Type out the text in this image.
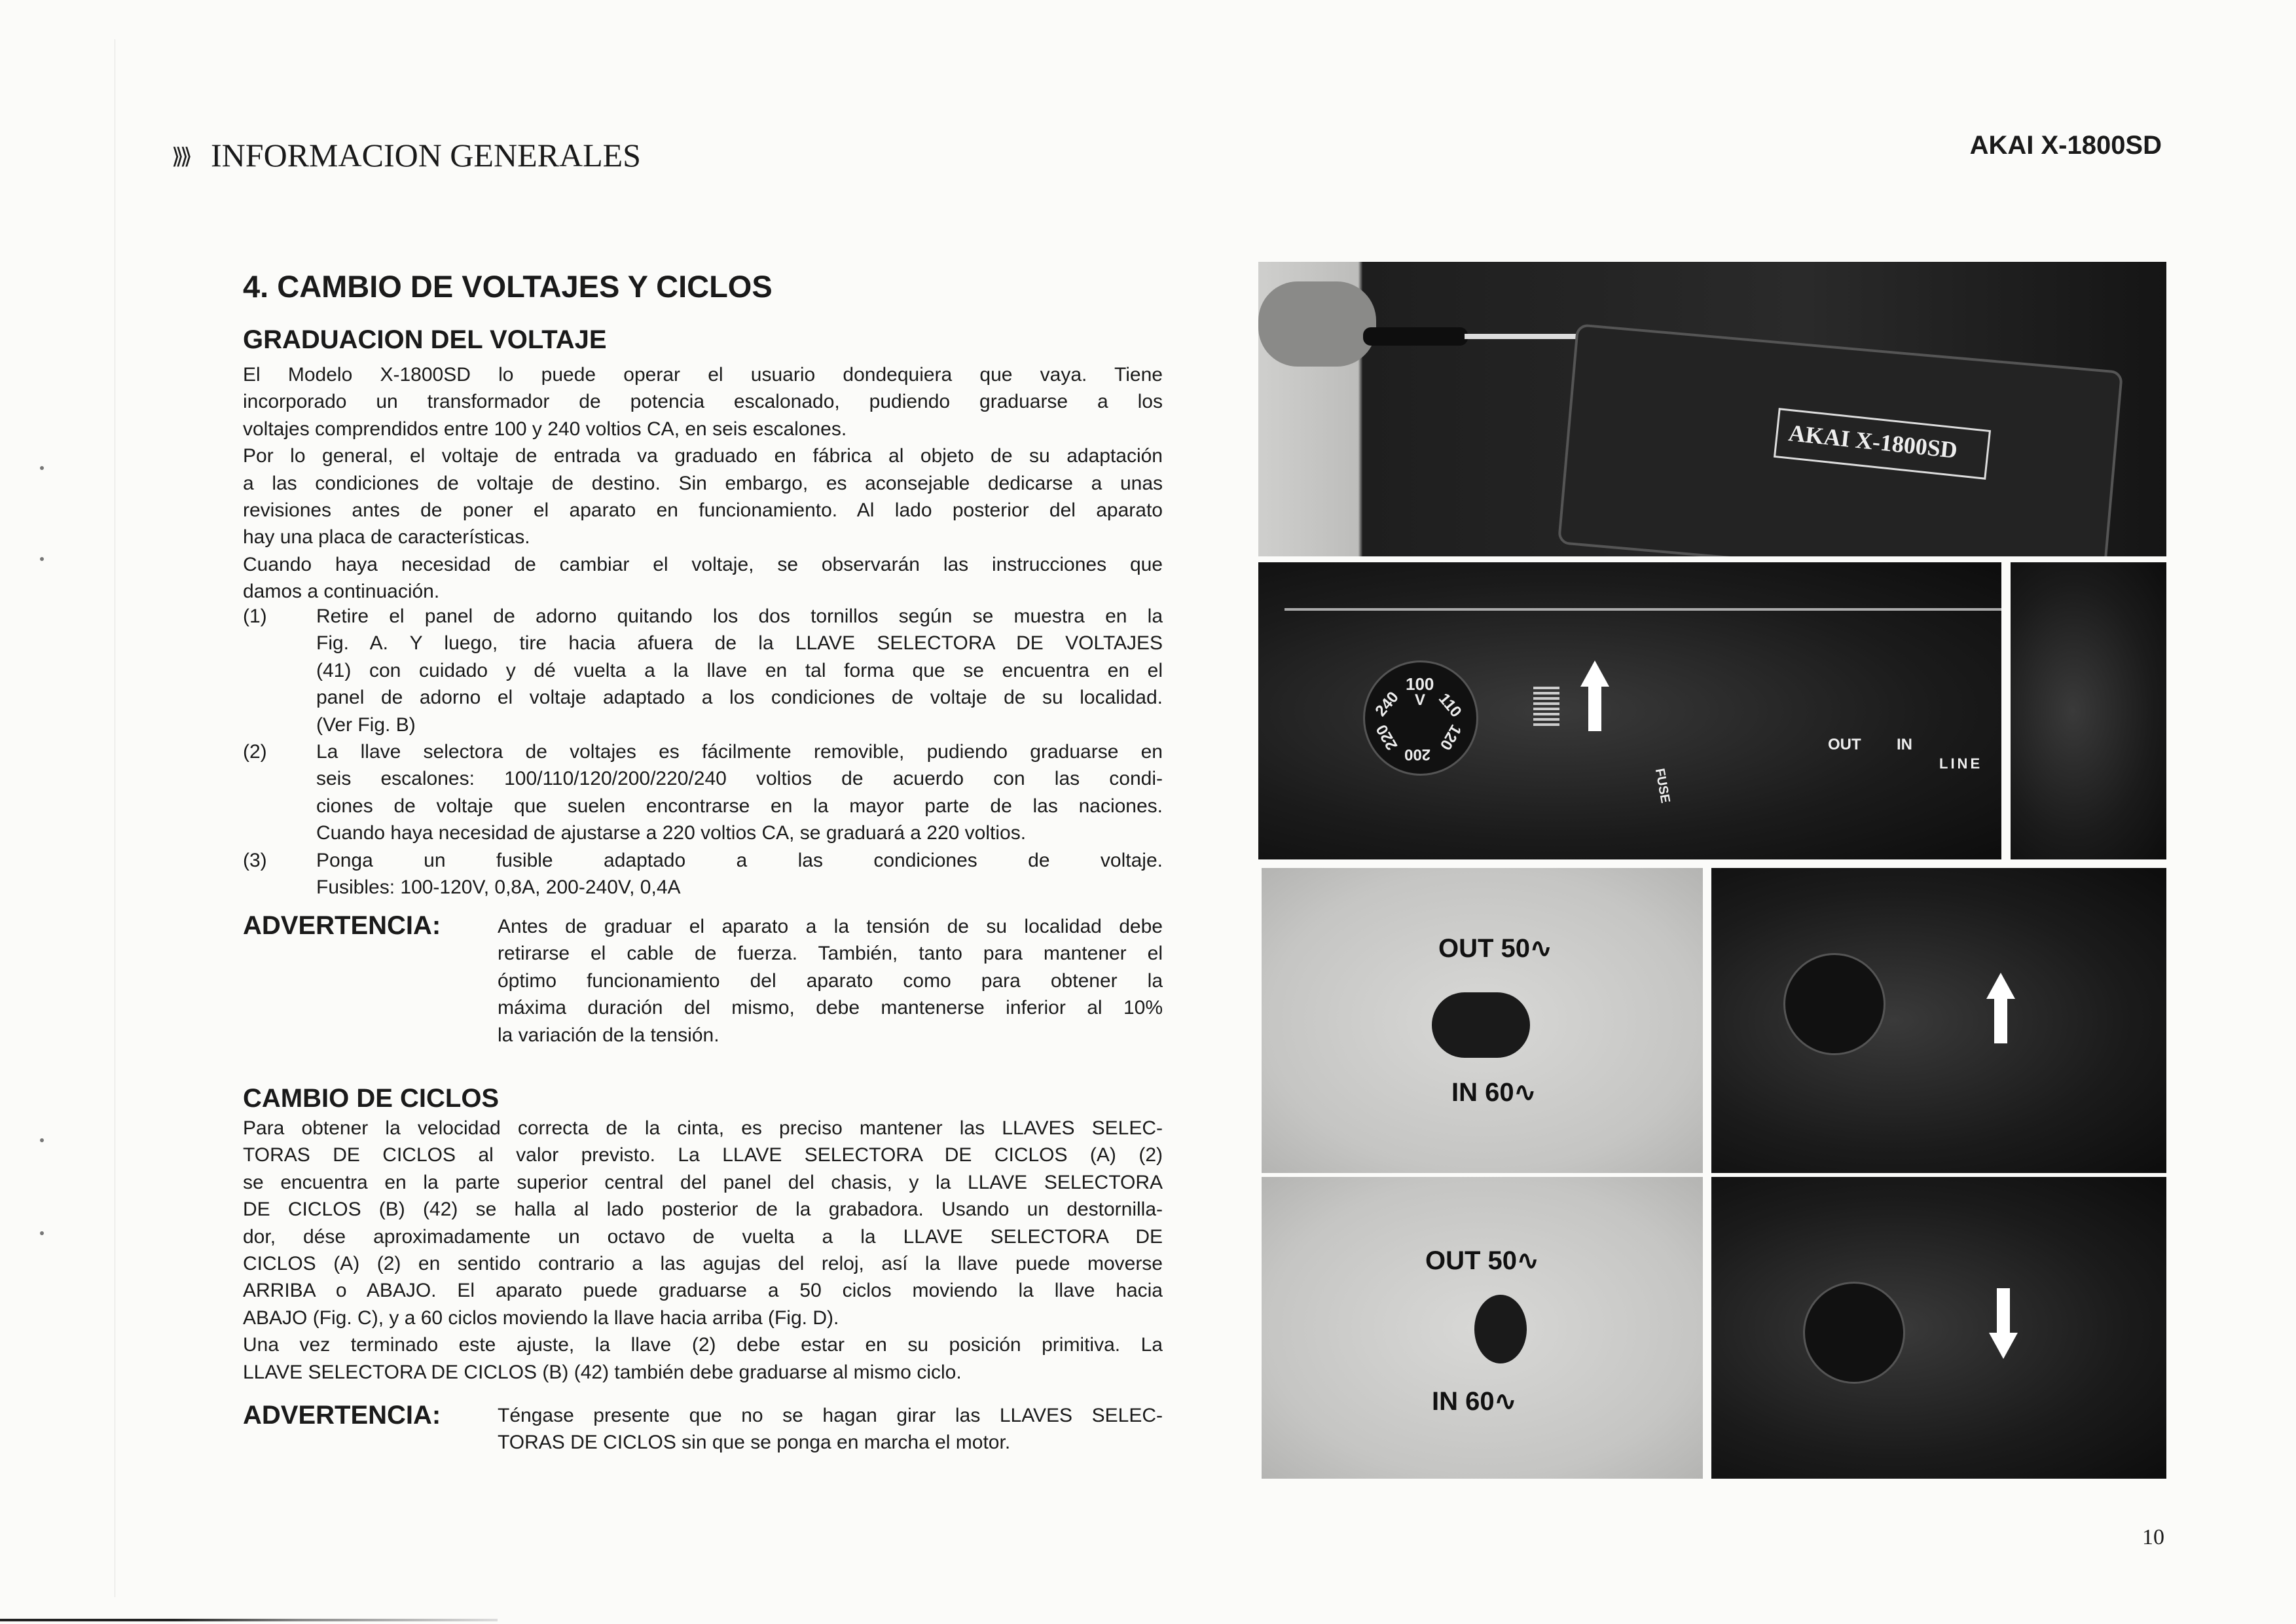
⟫⟫ INFORMACION GENERALES	AKAI X-1800SD
4. CAMBIO DE VOLTAJES Y CICLOS
GRADUACION DEL VOLTAJE
El Modelo X-1800SD lo puede operar el usuario dondequiera que vaya. Tiene
incorporado un transformador de potencia escalonado, pudiendo graduarse a los
voltajes comprendidos entre 100 y 240 voltios CA, en seis escalones.
Por lo general, el voltaje de entrada va graduado en fábrica al objeto de su adaptación
a las condiciones de voltaje de destino. Sin embargo, es aconsejable dedicarse a unas
revisiones antes de poner el aparato en funcionamiento. Al lado posterior del aparato
hay una placa de características.
Cuando haya necesidad de cambiar el voltaje, se observarán las instrucciones que
damos a continuación.
(1)	Retire el panel de adorno quitando los dos tornillos según se muestra en la
Fig. A. Y luego, tire hacia afuera de la LLAVE SELECTORA DE VOLTAJES
(41) con cuidado y dé vuelta a la llave en tal forma que se encuentra en el
panel de adorno el voltaje adaptado a los condiciones de voltaje de su localidad.
(Ver Fig. B)
(2)	La llave selectora de voltajes es fácilmente removible, pudiendo graduarse en
seis escalones: 100/110/120/200/220/240 voltios de acuerdo con las condi-
ciones de voltaje que suelen encontrarse en la mayor parte de las naciones.
Cuando haya necesidad de ajustarse a 220 voltios CA, se graduará a 220 voltios.
(3)	Ponga un fusible adaptado a las condiciones de voltaje.
Fusibles: 100-120V, 0,8A, 200-240V, 0,4A
ADVERTENCIA:	Antes de graduar el aparato a la tensión de su localidad debe
retirarse el cable de fuerza. También, tanto para mantener el
óptimo funcionamiento del aparato como para obtener la
máxima duración del mismo, debe mantenerse inferior al 10%
la variación de la tensión.
CAMBIO DE CICLOS
Para obtener la velocidad correcta de la cinta, es preciso mantener las LLAVES SELEC-
TORAS DE CICLOS al valor previsto. La LLAVE SELECTORA DE CICLOS (A) (2)
se encuentra en la parte superior central del panel del chasis, y la LLAVE SELECTORA
DE CICLOS (B) (42) se halla al lado posterior de la grabadora. Usando un destornilla-
dor, dése aproximadamente un octavo de vuelta a la LLAVE SELECTORA DE
CICLOS (A) (2) en sentido contrario a las agujas del reloj, así la llave puede moverse
ARRIBA o ABAJO. El aparato puede graduarse a 50 ciclos moviendo la llave hacia
ABAJO (Fig. C), y a 60 ciclos moviendo la llave hacia arriba (Fig. D).
Una vez terminado este ajuste, la llave (2) debe estar en su posición primitiva. La
LLAVE SELECTORA DE CICLOS (B) (42) también debe graduarse al mismo ciclo.
ADVERTENCIA:	Téngase presente que no se hagan girar las LLAVES SELEC-
TORAS DE CICLOS sin que se ponga en marcha el motor.
AKAI X-1800SD
100
V
240 110
220 120
200
FUSE
OUT IN
LINE
OUT 50∿
IN 60∿
OUT 50∿
IN 60∿
10
